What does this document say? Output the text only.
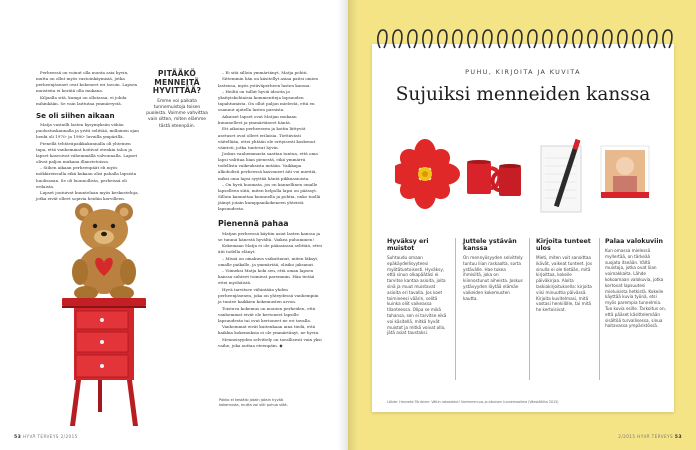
Perheessä on voinut olla monta asia hyvin, mutta on ollut myös vastoinkäymisiä, jotka perheenjäsenet ovat kokeneet eri tavoin. Lapsen muisteita ei kerätä olla mukana.

Kiljaalla sitä, kumpi on ollutassa, ei johda mihinkään. Se vain laittutaa ymmärrystä.

Se oli siihen aikaan

Matja vastailli lasten kysymyksiin vähän puolustuskannalla ja yritti selittää, millainen ajan henki oli 1970- ja 1980- luvuilla ympärillä.

Pienellä tehtäväpaikkakunnalla oli yhteinen tapa, että vanhemmat hoitivat etenkin taloa ja lapset kasvoivat vähemmällä valvonnalla. Lapset olivat paljon mukana illanvietoissa.

– Siihen aikaan perheenpäät eli myös mökkireissulla eikä kukaan olisi pahalla lapsista huolissaan. Se oli luonnollista, perheissä oli erilaista.

Lapset joutuivat kuuntelaan myös keskusteluja, jotka eivät olleet sopivia heidän korvilleen.

PITÄÄKÖ MENNEITÄ HYVITTÄÄ?
Emme voi paikata tunnemuistoja toisen puolesta. Voimme vahvittaa vain sitten, miten elämme tästä eteenpäin.

– Ei sitä silloin ymmärtänyt, Matja pohtii.

Sittemmin hän on käsitellyt asiaa paitsi omien lastensa, myös ystäväperheen lasten kanssa.

– Heiltä on tullut hyviä ideoita ja yksityiskohtaisia kommentteja lapsuuden tapahtumista. On ollut paljon mielestä, että en osannut ajatella lasten paraista.

Aikuiset lapset ovat Matjan mukaan kuunnelleet ja ymmärtäneet häntä.

Ett aikoina perheeseen ja koitin liittyvät asetuset ovat olleet erilaisia. Tiettävästi väitellään, ettei yhtään ole erityisesti koskenut vääristi, jotka tuntevat hyvin.

Joskus vanhemmasta saattaa tuntua, että oma lapsi valittaa liian pienestä, eikä ymmärrä todellista vaikeuksista mitään. Vaikkapa alkoholisti perheessä kasvaneet äiti voi miettiä, miksi oma lapsi syyttää häntä pikkuasioista.

– On hyvä huomata, jos on kannellinen omalle lapselleen siitä, miten helpolla lapsi on päässyt. Silloin kannattaa kuunnella ja pohtia, onko tuollä jäänyt jotain kumppanikokeneen yhteistä lapsuudesta.

Pienennä pahaa

Matjan perheessä käytiin asiat lasten kanssa ja se tunnui hänestä hyvältä. Vaikea puhuminen!

Kokemaan Matja ei ole pääasiassa selittää, ettei äiti todella elänyt.

– Missä on omakuva vaikuttanut, miten läksyt, omalle paikalle, ja ymmärtää, olisiko jaksanut.

– Viimeksi Matja koki sen, että oman lapsen kanssa suhteet toimivat paremmin. Hän tietää ettei myöhäistä.

Hyvä tarvitsee vähintään yhden perheenjäsenen, joka on yhteydessä vanhempiin ja tuntee kaikkien kokemusten arvon.

Toistuva kokemus on monien perheiden, että vanhemmat eivät ole kertoneet lapsille lapsuudesta tai ovat kertoneet ne eri tavalla.

Vanhemmat eivät kuitenkaan aina tiedä, että kaikkia kokemuksia ei ole ymmärtänyt, ne hyvin.

Menneisyyden selvittely on tavallisesti vain yksi vaihe, joka auttaa eteenpäin. ◆

Pakko ei kestäisi jotain jotain hyvää kokemusta, mutta voi silti puhua siitä.
53 HYVÄ TERVEYS 2/2015
PUHU, KIRJOITA JA KUVITA
Sujuiksi menneiden kanssa
Hyväksy eri muistot

Suhtaudu omaan epäkäydellisyyteesi myötätuntoisesti. Hyväksy, että sinun olkapäätäsi ei tarvitse kantaa asioita, joita sinä ja muut muistavat asioita eri tavalla. Jos koet toimineesi väärin, selitä kuinka oliit vaikeassa tilanteessa. Olipa se mikä tahansa, sen ei tarvitse eikä voi käsitellä, mitkä hyvät muistot ja mitkä voivat olla, jätä asiat taustaksi.

Juttele ystävän kanssa

On mennyösyyden selvittely tuntuu liian raskaalta, sorta ystävälle. Hae tukea ihmisiltä, joka on kiinnostunut aiheista. Joskus ystävyyden löytää elämän vaikeiden kokemusten kautta.

Kirjoita tunteet ulos

Mieti, miten voit sanoittaa ikävät, vaikeat tunteet. Jos sinulla ei ole tietään, mitä kirjoittaa, kokeile päiväkirjaa. Aloita laskiakirjoituksella: kirjoita viisi minuuttia päivässä. Kirjoita kuvitelmasi, mitä vastasi henkilölle, tai mitä he kertoisivat.

Palaa valokuviin

Kun omassa mielessä myllertää, on tärkeää suojata itseään. Vältä muistoja, jotka ovat liian voimakkaita. Lähde kokoamaan valokuvia, jotka kertovat lapsuutesi mieluisista hetkistä. Kokeile käyttää kuvia työnä, etsi myös parempia tunnelmia. Tuo kuvia esille. Tarkoitus on, että pääset käsittelemään sisältöä turvallisessa, sinua hoitavassa ympäristössä.

Lähde: Hanneke Törrönen: Vältin rakastetut! Vanhemmuus ja aikuisen tunnemaailma (Väestöliitto 2015)
2/2015 HYVÄ TERVEYS 53
